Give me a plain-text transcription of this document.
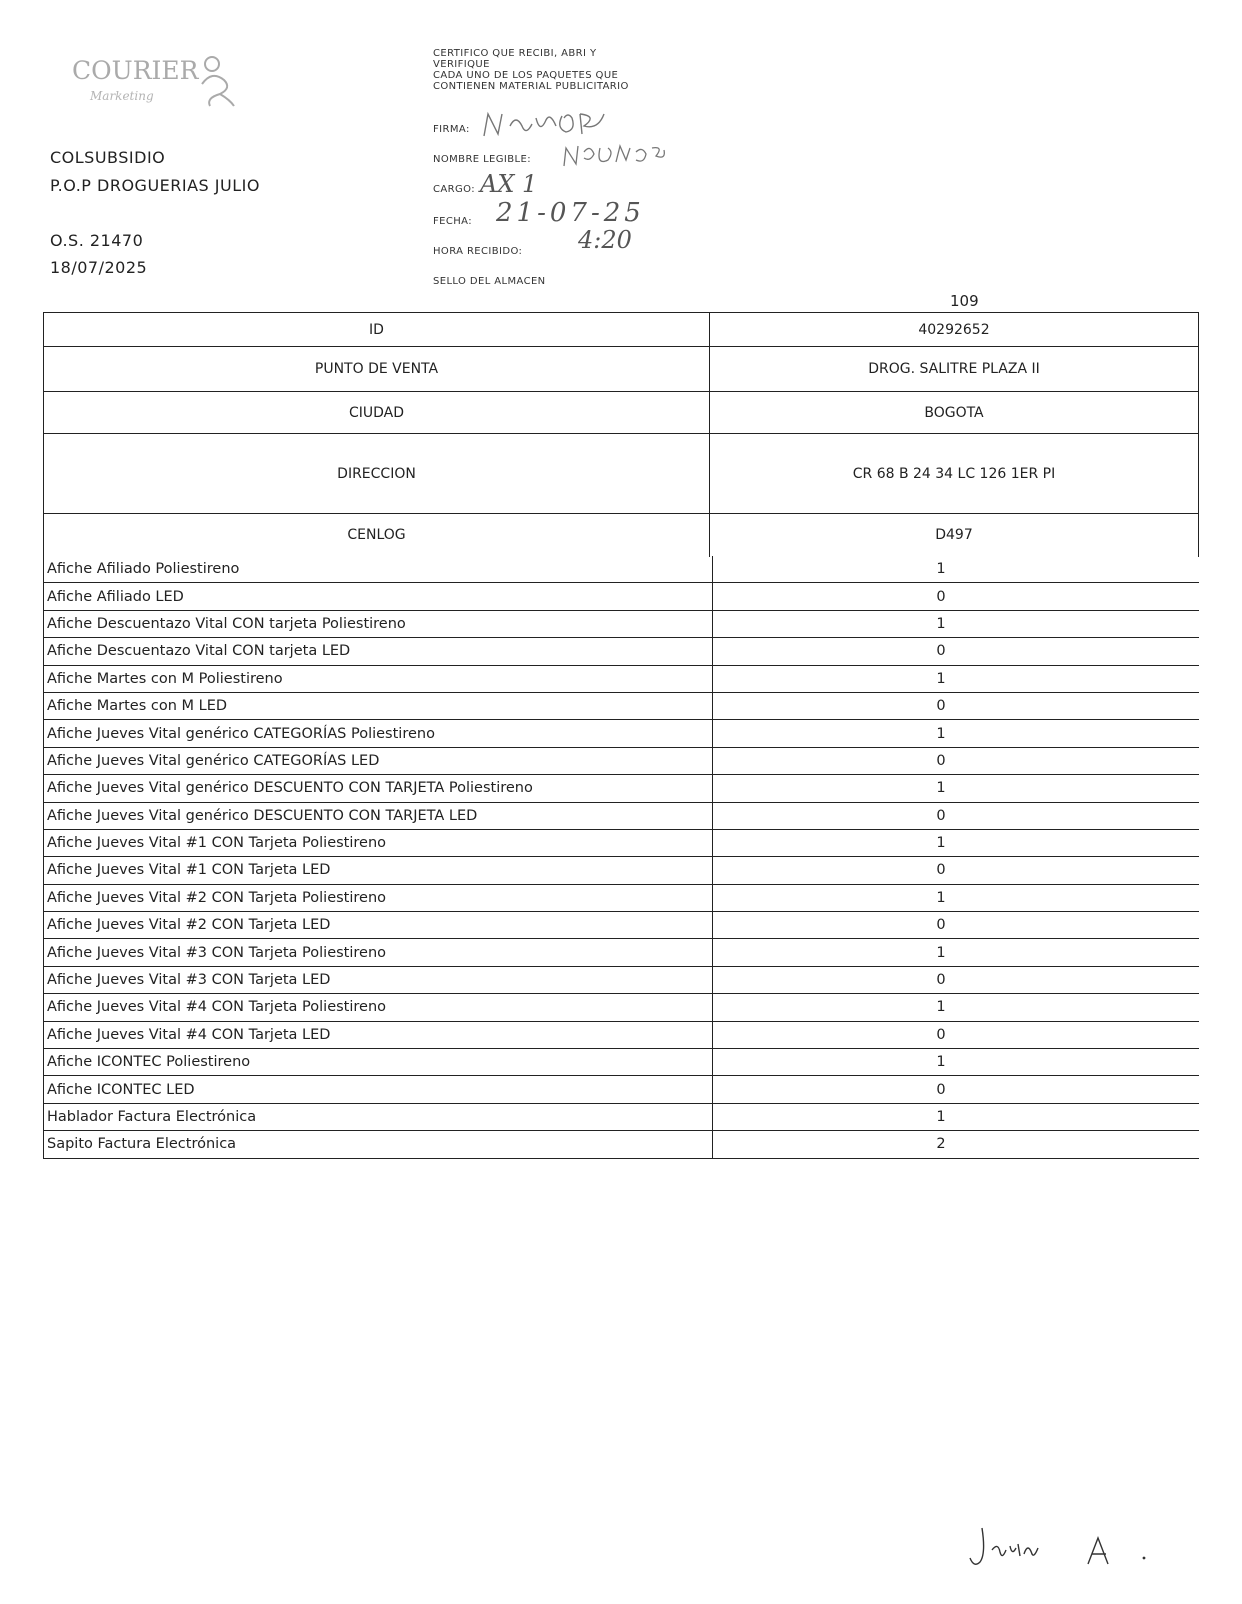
COURIER
Marketing
COLSUBSIDIO
P.O.P DROGUERIAS JULIO
O.S. 21470
18/07/2025
CERTIFICO QUE RECIBI, ABRI Y
VERIFIQUE
CADA UNO DE LOS PAQUETES QUE
CONTIENEN MATERIAL PUBLICITARIO
FIRMA:
NOMBRE LEGIBLE:
CARGO: AX 1
FECHA: 21-07-25
HORA RECIBIDO: 4:20
SELLO DEL ALMACEN
109
ID	40292652
PUNTO DE VENTA	DROG. SALITRE PLAZA II
CIUDAD	BOGOTA
DIRECCION	CR 68 B 24 34 LC 126 1ER PI
CENLOG	D497
Afiche Afiliado Poliestireno	1
Afiche Afiliado LED	0
Afiche Descuentazo Vital CON tarjeta Poliestireno	1
Afiche Descuentazo Vital CON tarjeta LED	0
Afiche Martes con M Poliestireno	1
Afiche Martes con M LED	0
Afiche Jueves Vital genérico CATEGORÍAS Poliestireno	1
Afiche Jueves Vital genérico CATEGORÍAS LED	0
Afiche Jueves Vital genérico DESCUENTO CON TARJETA Poliestireno	1
Afiche Jueves Vital genérico DESCUENTO CON TARJETA LED	0
Afiche Jueves Vital #1 CON Tarjeta Poliestireno	1
Afiche Jueves Vital #1 CON Tarjeta LED	0
Afiche Jueves Vital #2 CON Tarjeta Poliestireno	1
Afiche Jueves Vital #2 CON Tarjeta LED	0
Afiche Jueves Vital #3 CON Tarjeta Poliestireno	1
Afiche Jueves Vital #3 CON Tarjeta LED	0
Afiche Jueves Vital #4 CON Tarjeta Poliestireno	1
Afiche Jueves Vital #4 CON Tarjeta LED	0
Afiche ICONTEC Poliestireno	1
Afiche ICONTEC LED	0
Hablador Factura Electrónica	1
Sapito Factura Electrónica	2
